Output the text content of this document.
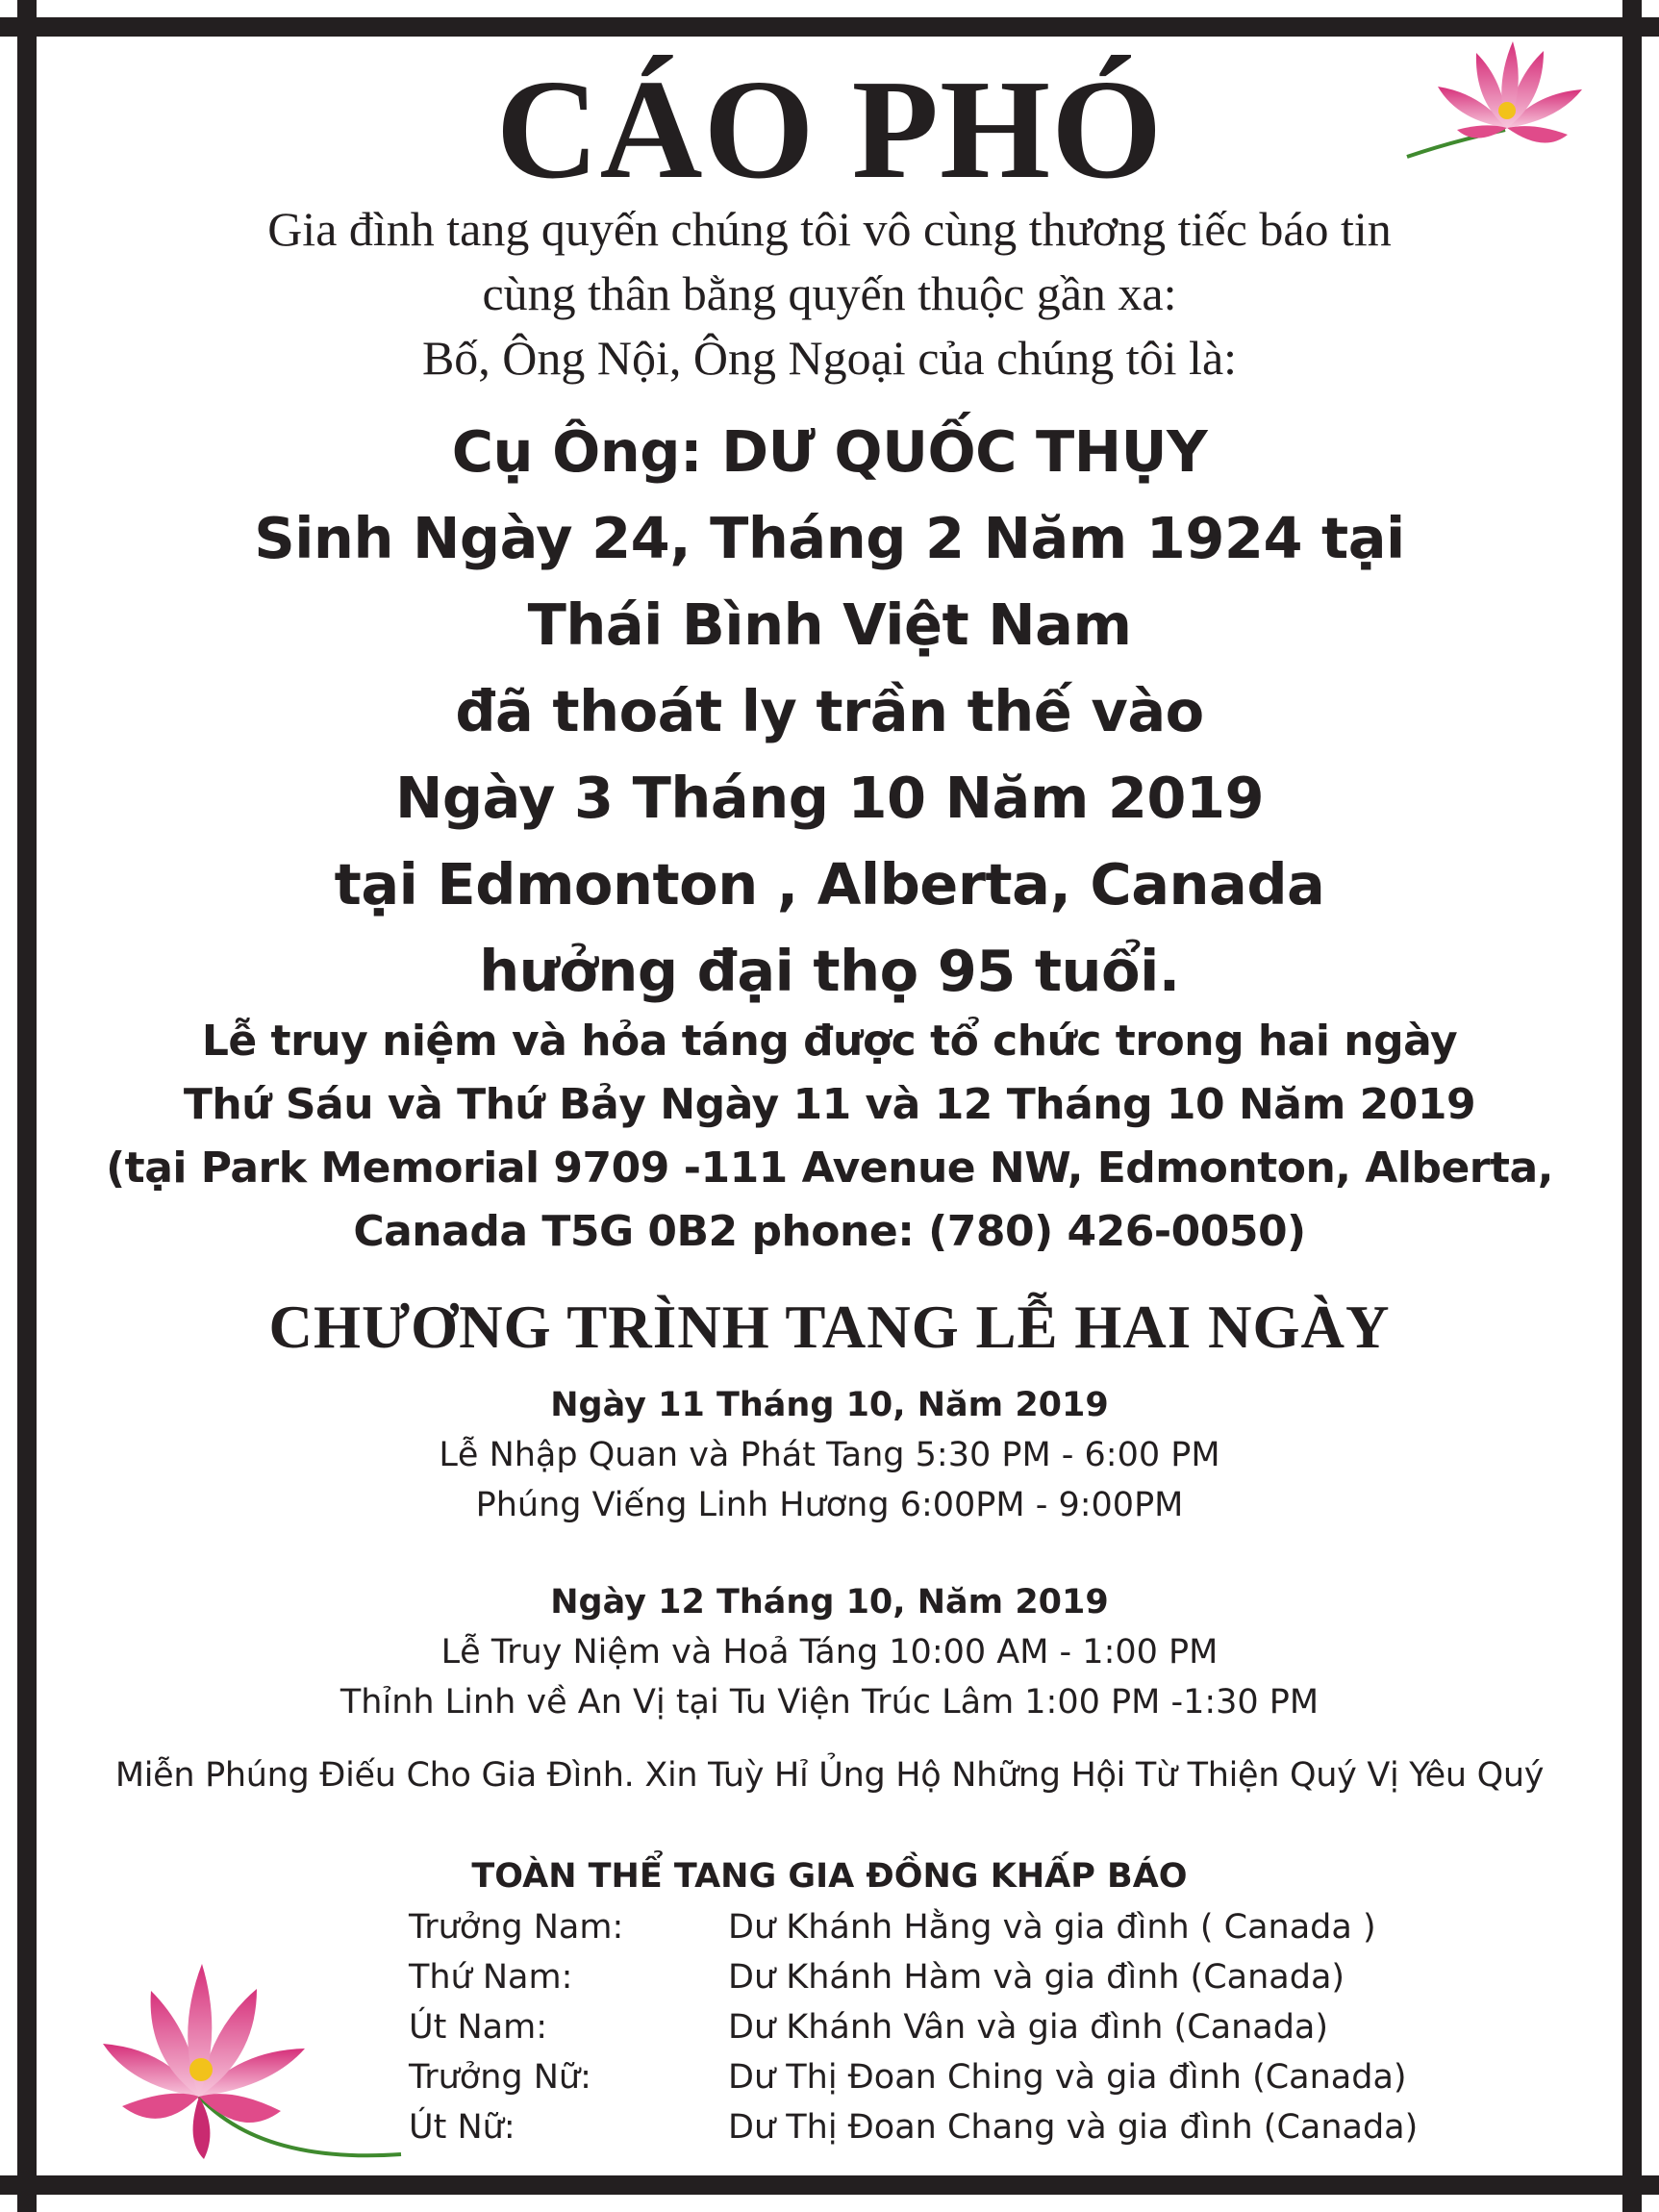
CÁO PHÓ
Gia đình tang quyến chúng tôi vô cùng thương tiếc báo tin
cùng thân bằng quyến thuộc gần xa:
Bố, Ông Nội, Ông Ngoại của chúng tôi là:
Cụ Ông: DƯ QUỐC THỤY
Sinh Ngày 24, Tháng 2 Năm 1924 tại
Thái Bình Việt Nam
đã thoát ly trần thế vào
Ngày 3 Tháng 10 Năm 2019
tại Edmonton , Alberta, Canada
hưởng đại thọ 95 tuổi.
Lễ truy niệm và hỏa táng được tổ chức trong hai ngày
Thứ Sáu và Thứ Bảy Ngày 11 và 12 Tháng 10 Năm 2019
(tại Park Memorial 9709 -111 Avenue NW, Edmonton, Alberta,
Canada T5G 0B2 phone: (780) 426-0050)
CHƯƠNG TRÌNH TANG LỄ HAI NGÀY
Ngày 11 Tháng 10, Năm 2019
Lễ Nhập Quan và Phát Tang 5:30 PM - 6:00 PM
Phúng Viếng Linh Hương 6:00PM - 9:00PM
Ngày 12 Tháng 10, Năm 2019
Lễ Truy Niệm và Hoả Táng 10:00 AM - 1:00 PM
Thỉnh Linh về An Vị tại Tu Viện Trúc Lâm 1:00 PM -1:30 PM
Miễn Phúng Điếu Cho Gia Đình. Xin Tuỳ Hỉ Ủng Hộ Những Hội Từ Thiện Quý Vị Yêu Quý
TOÀN THỂ TANG GIA ĐỒNG KHẤP BÁO
Trưởng Nam:	Dư Khánh Hằng và gia đình ( Canada )
Thứ Nam:	Dư Khánh Hàm và gia đình (Canada)
Út Nam:	Dư Khánh Vân và gia đình (Canada)
Trưởng Nữ:	Dư Thị Đoan Ching và gia đình (Canada)
Út Nữ:	Dư Thị Đoan Chang và gia đình (Canada)
